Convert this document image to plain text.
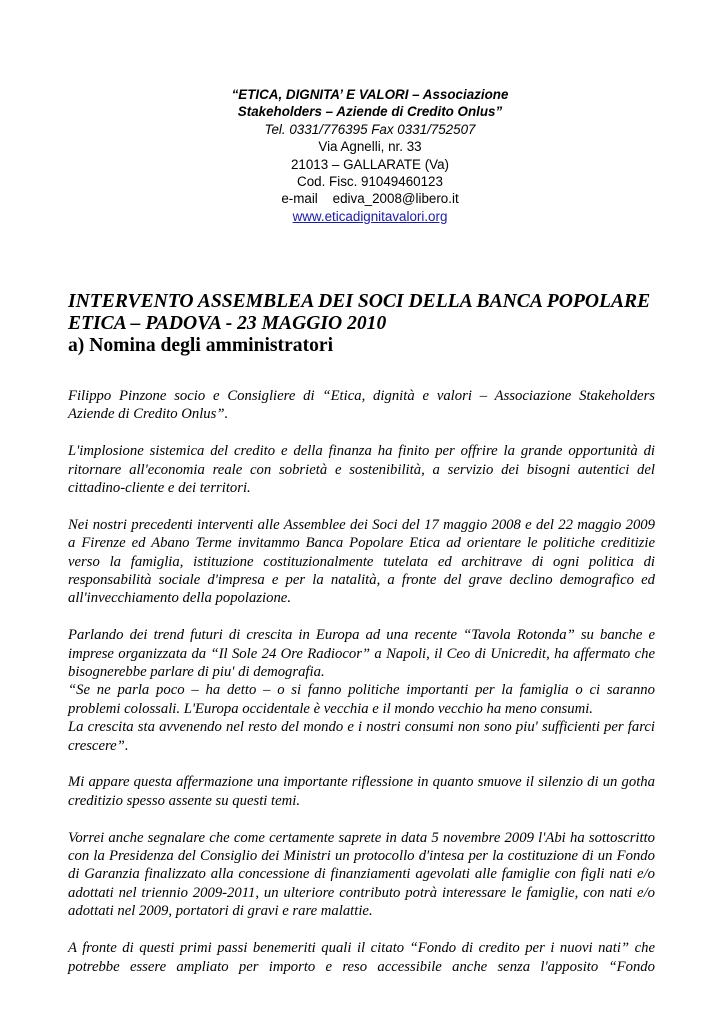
“ETICA, DIGNITA’ E VALORI – Associazione
Stakeholders – Aziende di Credito Onlus”
Tel. 0331/776395 Fax 0331/752507
Via Agnelli, nr. 33
21013 – GALLARATE (Va)
Cod. Fisc. 91049460123
e-mail    ediva_2008@libero.it
www.eticadignitavalori.org
INTERVENTO ASSEMBLEA DEI SOCI DELLA BANCA POPOLARE
ETICA – PADOVA - 23 MAGGIO 2010
a) Nomina degli amministratori

Filippo Pinzone socio e Consigliere di “Etica, dignità e valori – Associazione Stakeholders Aziende di Credito Onlus”.

L'implosione sistemica del credito e della finanza ha finito per offrire la grande opportunità di ritornare all'economia reale con sobrietà e sostenibilità, a servizio dei bisogni autentici del cittadino-cliente e dei territori.

Nei nostri precedenti interventi alle Assemblee dei Soci del 17 maggio 2008 e del 22 maggio 2009 a Firenze ed Abano Terme invitammo Banca Popolare Etica ad orientare le politiche creditizie verso la famiglia, istituzione costituzionalmente tutelata ed architrave di ogni politica di responsabilità sociale d'impresa e per la natalità, a fronte del grave declino demografico ed all'invecchiamento della popolazione.

Parlando dei trend futuri di crescita in Europa ad una recente “Tavola Rotonda” su banche e imprese organizzata da “Il Sole 24 Ore Radiocor” a Napoli, il Ceo di Unicredit, ha affermato che bisognerebbe parlare di piu' di demografia.
“Se ne parla poco – ha detto – o si fanno politiche importanti per la famiglia o ci saranno problemi colossali. L'Europa occidentale è vecchia e il mondo vecchio ha meno consumi.
La crescita sta avvenendo nel resto del mondo e i nostri consumi non sono piu' sufficienti per farci crescere”.

Mi appare questa affermazione una importante riflessione in quanto smuove il silenzio di un gotha creditizio spesso assente su questi temi.

Vorrei anche segnalare che come certamente saprete in data 5 novembre 2009 l'Abi ha sottoscritto con la Presidenza del Consiglio dei Ministri un protocollo d'intesa per la costituzione di un Fondo di Garanzia finalizzato alla concessione di finanziamenti agevolati alle famiglie con figli nati e/o adottati nel triennio 2009-2011, un ulteriore contributo potrà interessare le famiglie, con nati e/o adottati nel 2009, portatori di gravi e rare malattie.

A fronte di questi primi passi benemeriti quali il citato “Fondo di credito per i nuovi nati” che potrebbe essere ampliato per importo e reso accessibile anche senza l'apposito “Fondo
